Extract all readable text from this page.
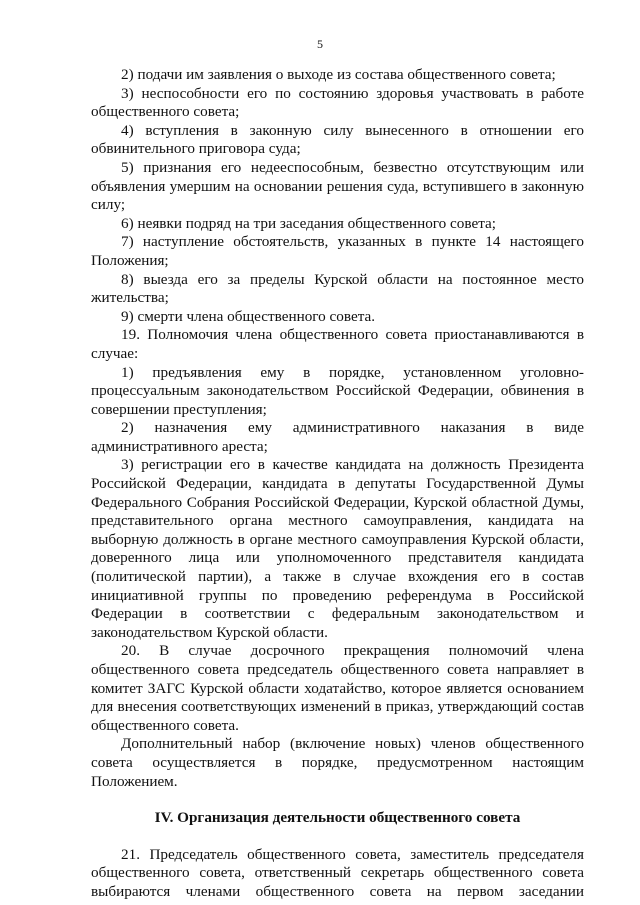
5

2) подачи им заявления о выходе из состава общественного совета;

3) неспособности его по состоянию здоровья участвовать в работе общественного совета;

4) вступления в законную силу вынесенного в отношении его обвинительного приговора суда;

5) признания его недееспособным, безвестно отсутствующим или объявления умершим на основании решения суда, вступившего в законную силу;

6) неявки подряд на три заседания общественного совета;

7) наступление обстоятельств, указанных в пункте 14 настоящего Положения;

8) выезда его за пределы Курской области на постоянное место жительства;

9) смерти члена общественного совета.

19. Полномочия члена общественного совета приостанавливаются в случае:

1) предъявления ему в порядке, установленном уголовно-процессуальным законодательством Российской Федерации, обвинения в совершении преступления;

2) назначения ему административного наказания в виде административного ареста;

3) регистрации его в качестве кандидата на должность Президента Российской Федерации, кандидата в депутаты Государственной Думы Федерального Собрания Российской Федерации, Курской областной Думы, представительного органа местного самоуправления, кандидата на выборную должность в органе местного самоуправления Курской области, доверенного лица или уполномоченного представителя кандидата (политической партии), а также в случае вхождения его в состав инициативной группы по проведению референдума в Российской Федерации в соответствии с федеральным законодательством и законодательством Курской области.

20. В случае досрочного прекращения полномочий члена общественного совета председатель общественного совета направляет в комитет ЗАГС Курской области ходатайство, которое является основанием для внесения соответствующих изменений в приказ, утверждающий состав общественного совета.

Дополнительный набор (включение новых) членов общественного совета осуществляется в порядке, предусмотренном настоящим Положением.

IV. Организация деятельности общественного совета

21. Председатель общественного совета, заместитель председателя общественного совета, ответственный секретарь общественного совета выбираются членами общественного совета на первом заседании
